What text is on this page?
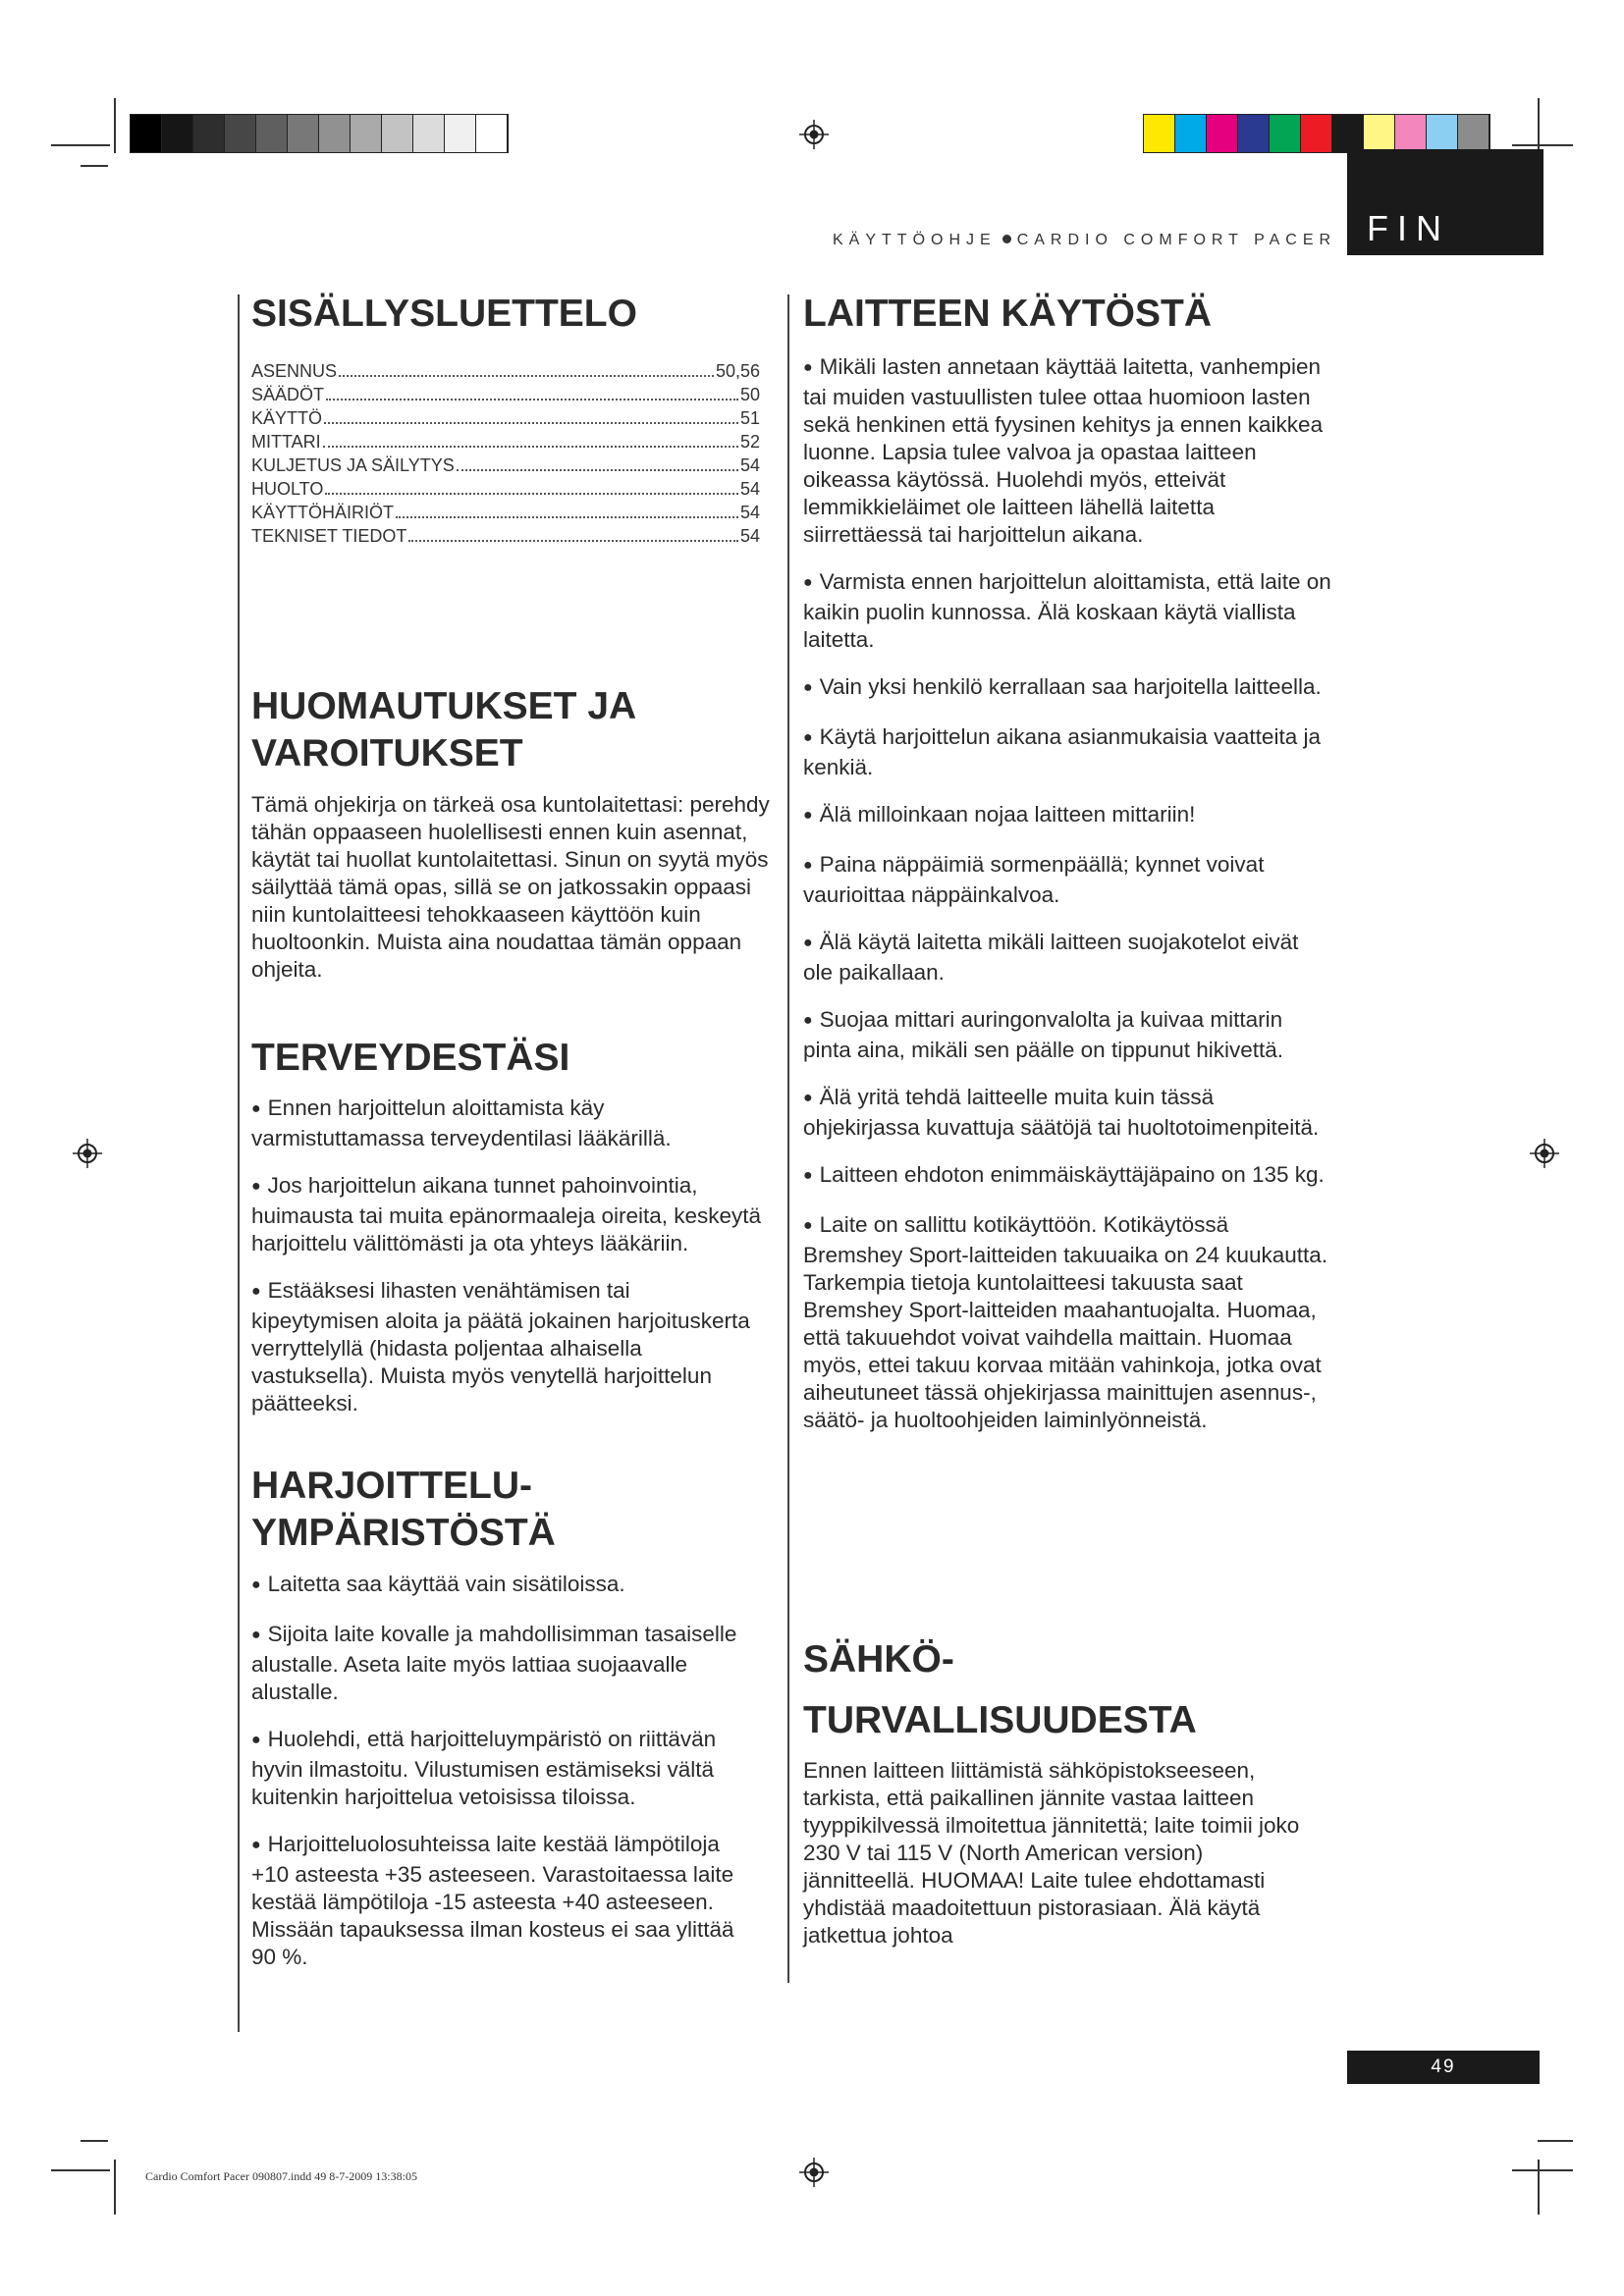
KÄYTTÖOHJE CARDIO COMFORT PACER FIN
SISÄLLYSLUETTELO
ASENNUS	50,56
SÄÄDÖT	50
KÄYTTÖ	51
MITTARI	52
KULJETUS JA SÄILYTYS	54
HUOLTO	54
KÄYTTÖHÄIRIÖT	54
TEKNISET TIEDOT	54
HUOMAUTUKSET JA
VAROITUKSET
Tämä ohjekirja on tärkeä osa kuntolaitettasi: perehdy tähän oppaaseen huolellisesti ennen kuin asennat, käytät tai huollat kuntolaitettasi. Sinun on syytä myös säilyttää tämä opas, sillä se on jatkossakin oppaasi niin kuntolaitteesi tehokkaaseen käyttöön kuin huoltoonkin. Muista aina noudattaa tämän oppaan ohjeita.
TERVEYDESTÄSI
● Ennen harjoittelun aloittamista käy varmistuttamassa terveydentilasi lääkärillä.
● Jos harjoittelun aikana tunnet pahoinvointia, huimausta tai muita epänormaaleja oireita, keskeytä harjoittelu välittömästi ja ota yhteys lääkäriin.
● Estääksesi lihasten venähtämisen tai kipeytymisen aloita ja päätä jokainen harjoituskerta verryttelyllä (hidasta poljentaa alhaisella vastuksella). Muista myös venytellä harjoittelun päätteeksi.
HARJOITTELU-
YMPÄRISTÖSTÄ
● Laitetta saa käyttää vain sisätiloissa.
● Sijoita laite kovalle ja mahdollisimman tasaiselle alustalle. Aseta laite myös lattiaa suojaavalle alustalle.
● Huolehdi, että harjoitteluympäristö on riittävän hyvin ilmastoitu. Vilustumisen estämiseksi vältä kuitenkin harjoittelua vetoisissa tiloissa.
● Harjoitteluolosuhteissa laite kestää lämpötiloja +10 asteesta +35 asteeseen. Varastoitaessa laite kestää lämpötiloja -15 asteesta +40 asteeseen. Missään tapauksessa ilman kosteus ei saa ylittää 90 %.
LAITTEEN KÄYTÖSTÄ
● Mikäli lasten annetaan käyttää laitetta, vanhempien tai muiden vastuullisten tulee ottaa huomioon lasten sekä henkinen että fyysinen kehitys ja ennen kaikkea luonne. Lapsia tulee valvoa ja opastaa laitteen oikeassa käytössä. Huolehdi myös, etteivät lemmikkieläimet ole laitteen lähellä laitetta siirrettäessä tai harjoittelun aikana.
● Varmista ennen harjoittelun aloittamista, että laite on kaikin puolin kunnossa. Älä koskaan käytä viallista laitetta.
● Vain yksi henkilö kerrallaan saa harjoitella laitteella.
● Käytä harjoittelun aikana asianmukaisia vaatteita ja kenkiä.
● Älä milloinkaan nojaa laitteen mittariin!
● Paina näppäimiä sormenpäällä; kynnet voivat vaurioittaa näppäinkalvoa.
● Älä käytä laitetta mikäli laitteen suojakotelot eivät ole paikallaan.
● Suojaa mittari auringonvalolta ja kuivaa mittarin pinta aina, mikäli sen päälle on tippunut hikivettä.
● Älä yritä tehdä laitteelle muita kuin tässä ohjekirjassa kuvattuja säätöjä tai huoltotoimenpiteitä.
● Laitteen ehdoton enimmäiskäyttäjäpaino on 135 kg.
● Laite on sallittu kotikäyttöön. Kotikäytössä Bremshey Sport-laitteiden takuuaika on 24 kuukautta. Tarkempia tietoja kuntolaitteesi takuusta saat Bremshey Sport-laitteiden maahantuojalta. Huomaa, että takuuehdot voivat vaihdella maittain. Huomaa myös, ettei takuu korvaa mitään vahinkoja, jotka ovat aiheutuneet tässä ohjekirjassa mainittujen asennus-, säätö- ja huoltoohjeiden laiminlyönneistä.
SÄHKÖ-
TURVALLISUUDESTA
Ennen laitteen liittämistä sähköpistokseeseen, tarkista, että paikallinen jännite vastaa laitteen tyyppikilvessä ilmoitettua jännitettä; laite toimii joko 230 V tai 115 V (North American version) jännitteellä. HUOMAA! Laite tulee ehdottamasti yhdistää maadoitettuun pistorasiaan. Älä käytä jatkettua johtoa
49
Cardio Comfort Pacer 090807.indd 49 8-7-2009 13:38:05
